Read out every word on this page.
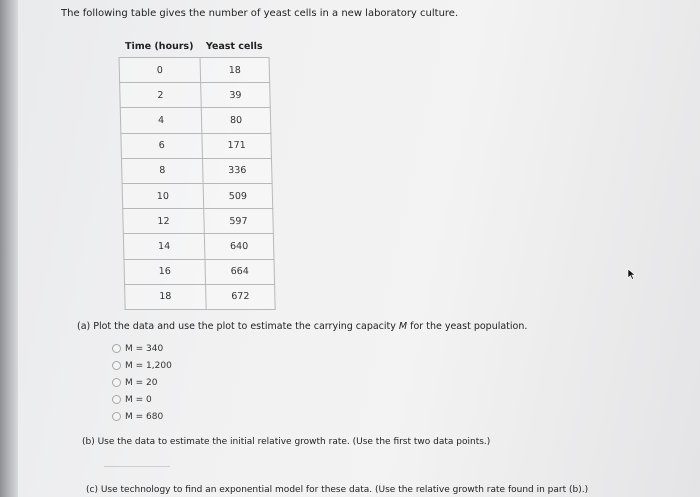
The following table gives the number of yeast cells in a new laboratory culture.
Time (hours)	Yeast cells
0	18
2	39
4	80
6	171
8	336
10	509
12	597
14	640
16	664
18	672
(a) Plot the data and use the plot to estimate the carrying capacity M for the yeast population.
M = 340
M = 1,200
M = 20
M = 0
M = 680
(b) Use the data to estimate the initial relative growth rate. (Use the first two data points.)
(c) Use technology to find an exponential model for these data. (Use the relative growth rate found in part (b).)
